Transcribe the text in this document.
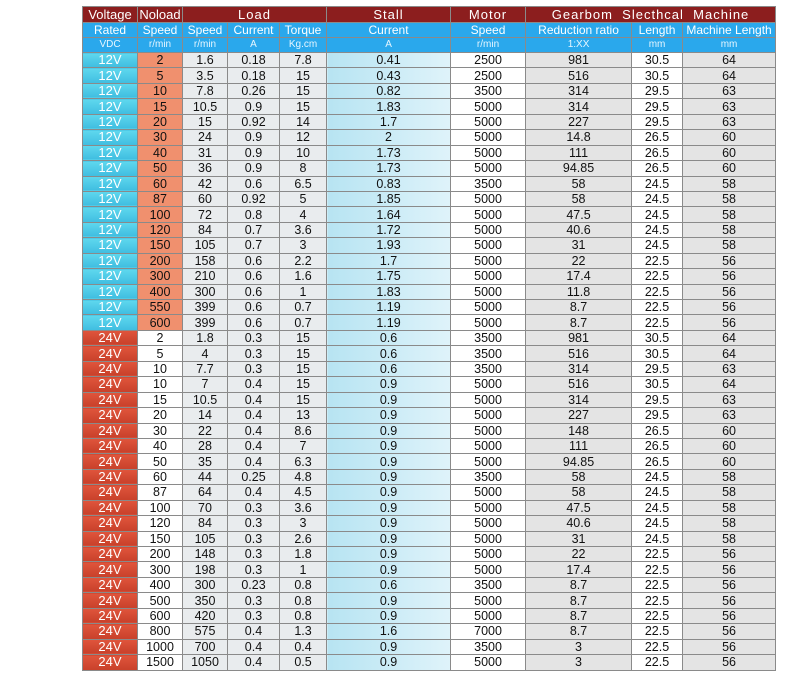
Voltage	Noload	Load			Stall	Motor	Gearbom  Slecthcal  Machine		
Rated	Speed	Speed	Current	Torque	Current	Speed	Reduction ratio	Length	Machine Length
VDC	r/min	r/min	A	Kg.cm	A	r/min	1:XX	mm	mm
12V	2	1.6	0.18	7.8	0.41	2500	981	30.5	64
12V	5	3.5	0.18	15	0.43	2500	516	30.5	64
12V	10	7.8	0.26	15	0.82	3500	314	29.5	63
12V	15	10.5	0.9	15	1.83	5000	314	29.5	63
12V	20	15	0.92	14	1.7	5000	227	29.5	63
12V	30	24	0.9	12	2	5000	14.8	26.5	60
12V	40	31	0.9	10	1.73	5000	111	26.5	60
12V	50	36	0.9	8	1.73	5000	94.85	26.5	60
12V	60	42	0.6	6.5	0.83	3500	58	24.5	58
12V	87	60	0.92	5	1.85	5000	58	24.5	58
12V	100	72	0.8	4	1.64	5000	47.5	24.5	58
12V	120	84	0.7	3.6	1.72	5000	40.6	24.5	58
12V	150	105	0.7	3	1.93	5000	31	24.5	58
12V	200	158	0.6	2.2	1.7	5000	22	22.5	56
12V	300	210	0.6	1.6	1.75	5000	17.4	22.5	56
12V	400	300	0.6	1	1.83	5000	11.8	22.5	56
12V	550	399	0.6	0.7	1.19	5000	8.7	22.5	56
12V	600	399	0.6	0.7	1.19	5000	8.7	22.5	56
24V	2	1.8	0.3	15	0.6	3500	981	30.5	64
24V	5	4	0.3	15	0.6	3500	516	30.5	64
24V	10	7.7	0.3	15	0.6	3500	314	29.5	63
24V	10	7	0.4	15	0.9	5000	516	30.5	64
24V	15	10.5	0.4	15	0.9	5000	314	29.5	63
24V	20	14	0.4	13	0.9	5000	227	29.5	63
24V	30	22	0.4	8.6	0.9	5000	148	26.5	60
24V	40	28	0.4	7	0.9	5000	111	26.5	60
24V	50	35	0.4	6.3	0.9	5000	94.85	26.5	60
24V	60	44	0.25	4.8	0.9	3500	58	24.5	58
24V	87	64	0.4	4.5	0.9	5000	58	24.5	58
24V	100	70	0.3	3.6	0.9	5000	47.5	24.5	58
24V	120	84	0.3	3	0.9	5000	40.6	24.5	58
24V	150	105	0.3	2.6	0.9	5000	31	24.5	58
24V	200	148	0.3	1.8	0.9	5000	22	22.5	56
24V	300	198	0.3	1	0.9	5000	17.4	22.5	56
24V	400	300	0.23	0.8	0.6	3500	8.7	22.5	56
24V	500	350	0.3	0.8	0.9	5000	8.7	22.5	56
24V	600	420	0.3	0.8	0.9	5000	8.7	22.5	56
24V	800	575	0.4	1.3	1.6	7000	8.7	22.5	56
24V	1000	700	0.4	0.4	0.9	3500	3	22.5	56
24V	1500	1050	0.4	0.5	0.9	5000	3	22.5	56
